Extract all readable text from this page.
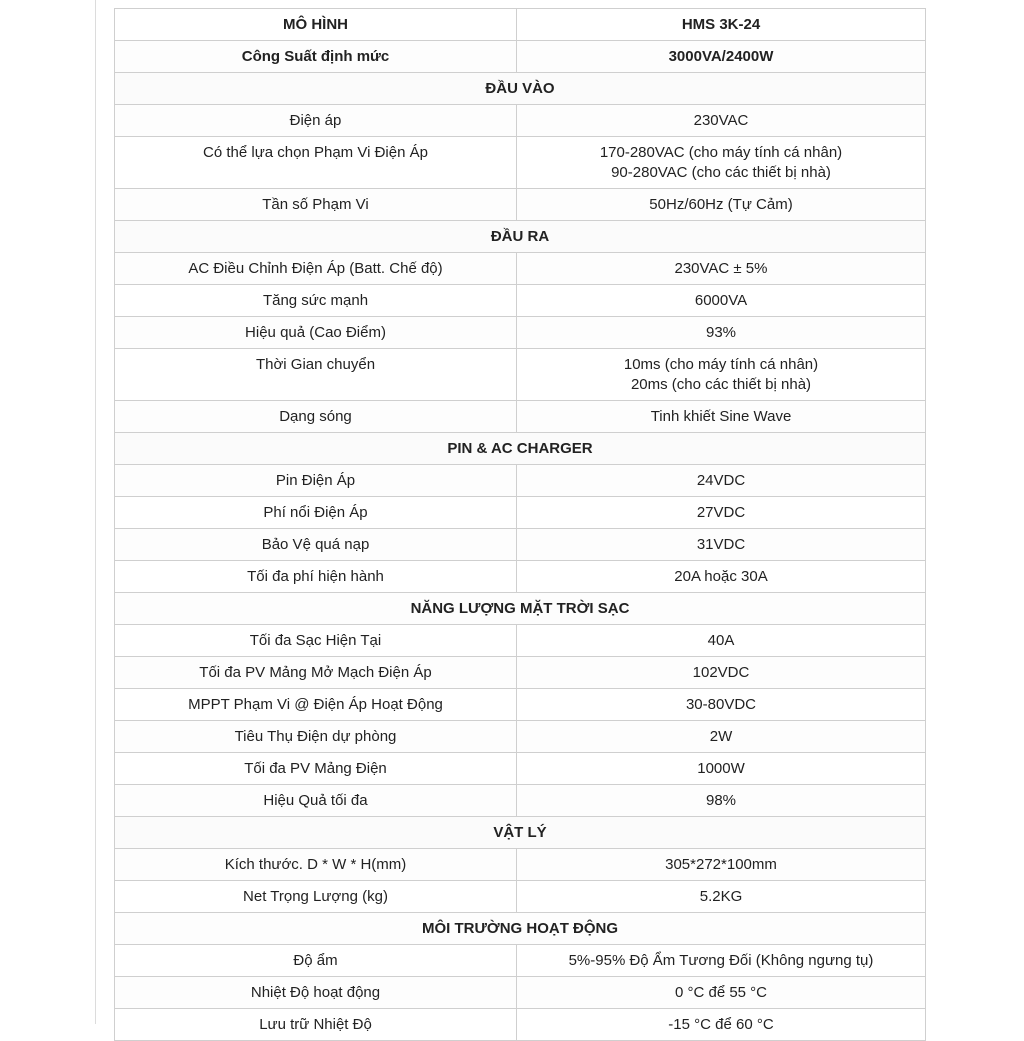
MÔ HÌNH	HMS 3K-24
Công Suất định mức	3000VA/2400W
ĐẦU VÀO	
Điện áp	230VAC
Có thể lựa chọn Phạm Vi Điện Áp	170-280VAC (cho máy tính cá nhân)
90-280VAC (cho các thiết bị nhà)

Tần số Phạm Vi	50Hz/60Hz (Tự Cảm)
ĐẦU RA	
AC Điều Chỉnh Điện Áp (Batt. Chế độ)	230VAC ± 5%
Tăng sức mạnh	6000VA
Hiệu quả (Cao Điểm)	93%
Thời Gian chuyển	10ms (cho máy tính cá nhân)
20ms (cho các thiết bị nhà)

Dạng sóng	Tinh khiết Sine Wave
PIN & AC CHARGER	
Pin Điện Áp	24VDC
Phí nổi Điện Áp	27VDC
Bảo Vệ quá nạp	31VDC
Tối đa phí hiện hành	20A hoặc 30A
NĂNG LƯỢNG MẶT TRỜI SẠC	
Tối đa Sạc Hiện Tại	40A
Tối đa PV Mảng Mở Mạch Điện Áp	102VDC
MPPT Phạm Vi @ Điện Áp Hoạt Động	30-80VDC
Tiêu Thụ Điện dự phòng	2W
Tối đa PV Mảng Điện	1000W
Hiệu Quả tối đa	98%
VẬT LÝ	
Kích thước. D * W * H(mm)	305*272*100mm
Net Trọng Lượng (kg)	5.2KG
MÔI TRƯỜNG HOẠT ĐỘNG	
Độ ẩm	5%-95% Độ Ẩm Tương Đối (Không ngưng tụ)
Nhiệt Độ hoạt động	0 °C để 55 °C
Lưu trữ Nhiệt Độ	-15 °C để 60 °C
